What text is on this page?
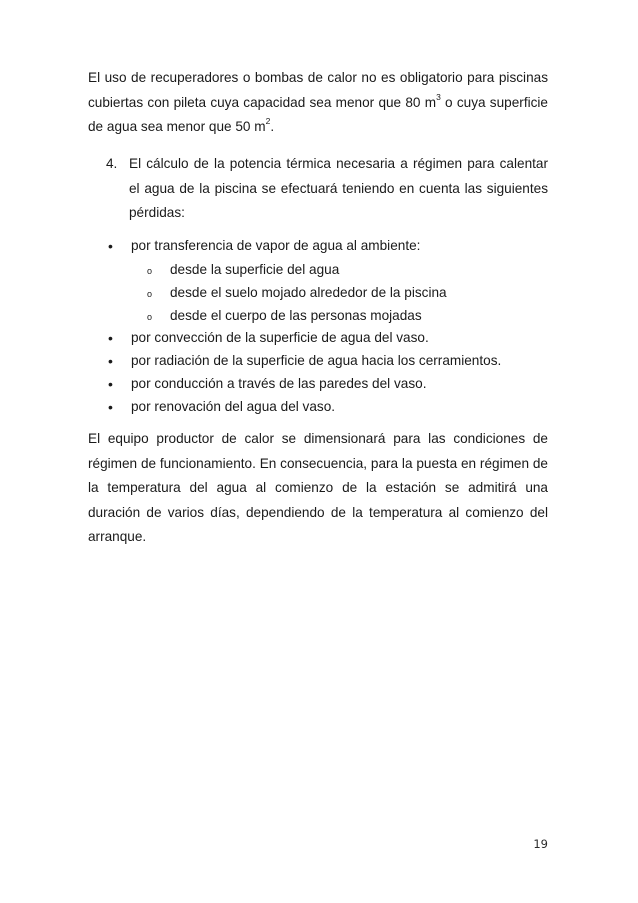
El uso de recuperadores o bombas de calor no es obligatorio para piscinas cubiertas con pileta cuya capacidad sea menor que 80 $m^3$ o cuya superficie de agua sea menor que 50 $m^2$.

4. El cálculo de la potencia térmica necesaria a régimen para calentar el agua de la piscina se efectuará teniendo en cuenta las siguientes pérdidas:
• por transferencia de vapor de agua al ambiente:
o desde la superficie del agua
o desde el suelo mojado alrededor de la piscina
o desde el cuerpo de las personas mojadas
• por convección de la superficie de agua del vaso.
• por radiación de la superficie de agua hacia los cerramientos.
• por conducción a través de las paredes del vaso.
• por renovación del agua del vaso.

El equipo productor de calor se dimensionará para las condiciones de régimen de funcionamiento. En consecuencia, para la puesta en régimen de la temperatura del agua al comienzo de la estación se admitirá una duración de varios días, dependiendo de la temperatura al comienzo del arranque.

19
